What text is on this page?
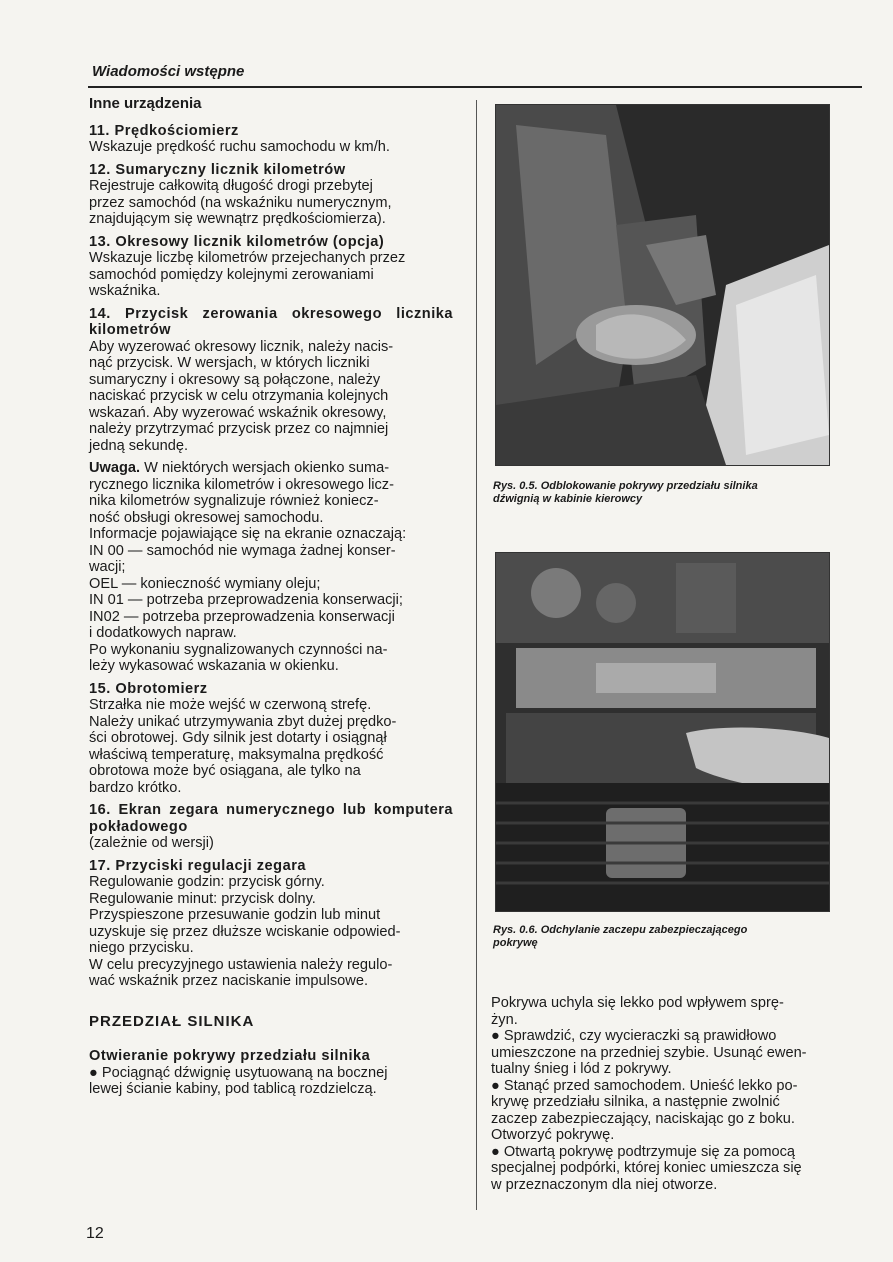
Wiadomości wstępne

Inne urządzenia

11. Prędkościomierz

Wskazuje prędkość ruchu samochodu w km/h.

12. Sumaryczny licznik kilometrów

Rejestruje całkowitą długość drogi przebytej
przez samochód (na wskaźniku numerycznym,
znajdującym się wewnątrz prędkościomierza).

13. Okresowy licznik kilometrów (opcja)

Wskazuje liczbę kilometrów przejechanych przez
samochód pomiędzy kolejnymi zerowaniami
wskaźnika.

14. Przycisk zerowania okresowego licznika kilometrów

Aby wyzerować okresowy licznik, należy nacis-
nąć przycisk. W wersjach, w których liczniki
sumaryczny i okresowy są połączone, należy
naciskać przycisk w celu otrzymania kolejnych
wskazań. Aby wyzerować wskaźnik okresowy,
należy przytrzymać przycisk przez co najmniej
jedną sekundę.

Uwaga. W niektórych wersjach okienko suma-
rycznego licznika kilometrów i okresowego licz-
nika kilometrów sygnalizuje również koniecz-
ność obsługi okresowej samochodu.
Informacje pojawiające się na ekranie oznaczają:
IN 00 — samochód nie wymaga żadnej konser-
wacji;
OEL — konieczność wymiany oleju;
IN 01 — potrzeba przeprowadzenia konserwacji;
IN02 — potrzeba przeprowadzenia konserwacji
i dodatkowych napraw.
Po wykonaniu sygnalizowanych czynności na-
leży wykasować wskazania w okienku.

15. Obrotomierz

Strzałka nie może wejść w czerwoną strefę.
Należy unikać utrzymywania zbyt dużej prędko-
ści obrotowej. Gdy silnik jest dotarty i osiągnął
właściwą temperaturę, maksymalna prędkość
obrotowa może być osiągana, ale tylko na
bardzo krótko.

16. Ekran zegara numerycznego lub komputera pokładowego

(zależnie od wersji)

17. Przyciski regulacji zegara

Regulowanie godzin: przycisk górny.
Regulowanie minut: przycisk dolny.
Przyspieszone przesuwanie godzin lub minut
uzyskuje się przez dłuższe wciskanie odpowied-
niego przycisku.
W celu precyzyjnego ustawienia należy regulo-
wać wskaźnik przez naciskanie impulsowe.

PRZEDZIAŁ SILNIKA

Otwieranie pokrywy przedziału silnika

● Pociągnąć dźwignię usytuowaną na bocznej
lewej ścianie kabiny, pod tablicą rozdzielczą.
Rys. 0.5. Odblokowanie pokrywy przedziału silnika
dźwignią w kabinie kierowcy
Rys. 0.6. Odchylanie zaczepu zabezpieczającego
pokrywę
Pokrywa uchyla się lekko pod wpływem sprę-
żyn.
● Sprawdzić, czy wycieraczki są prawidłowo
umieszczone na przedniej szybie. Usunąć ewen-
tualny śnieg i lód z pokrywy.
● Stanąć przed samochodem. Unieść lekko po-
krywę przedziału silnika, a następnie zwolnić
zaczep zabezpieczający, naciskając go z boku.
Otworzyć pokrywę.
● Otwartą pokrywę podtrzymuje się za pomocą
specjalnej podpórki, której koniec umieszcza się
w przeznaczonym dla niej otworze.
12
